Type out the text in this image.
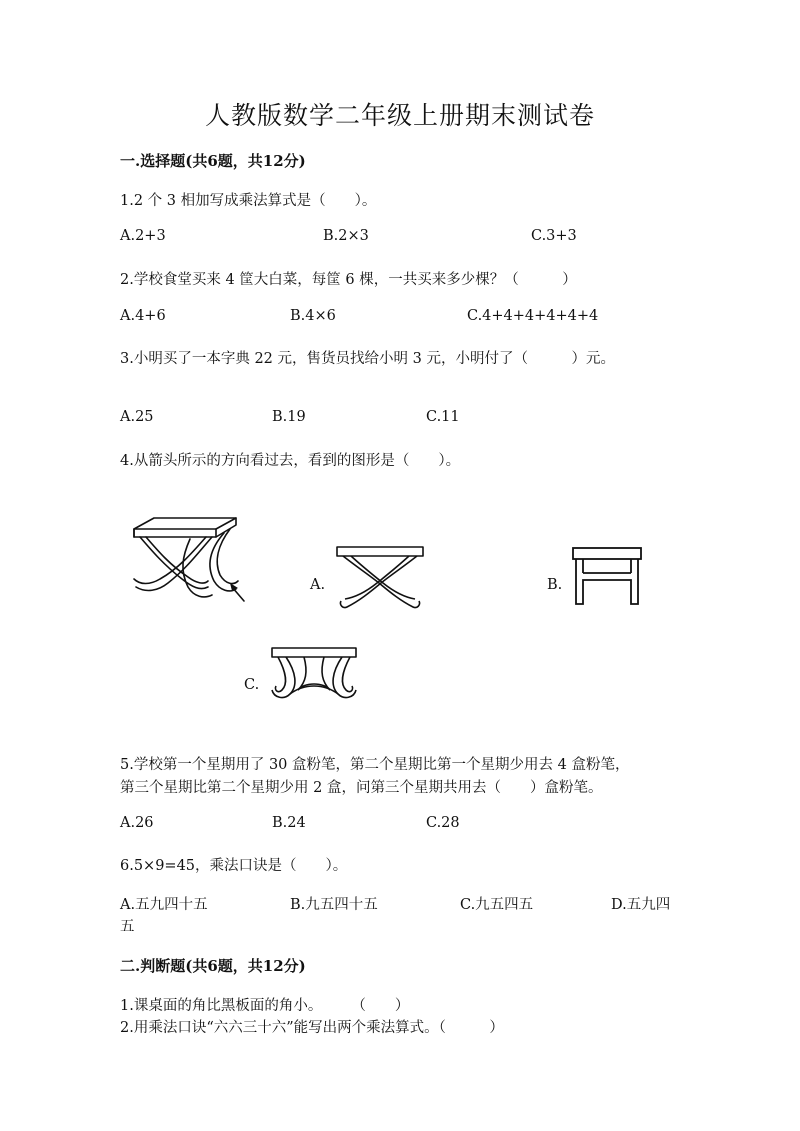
人教版数学二年级上册期末测试卷
一.选择题(共6题，共12分)
1.2 个 3 相加写成乘法算式是（　　）。
A.2+3	B.2×3	C.3+3
2.学校食堂买来 4 筐大白菜，每筐 6 棵，一共买来多少棵？（　　　）
A.4+6	B.4×6	C.4+4+4+4+4+4
3.小明买了一本字典 22 元，售货员找给小明 3 元，小明付了（　　　）元。
A.25	B.19	C.11
4.从箭头所示的方向看过去，看到的图形是（　　）。
A.	B.
C.
5.学校第一个星期用了 30 盒粉笔，第二个星期比第一个星期少用去 4 盒粉笔，
第三个星期比第二个星期少用 2 盒，问第三个星期共用去（　　）盒粉笔。
A.26	B.24	C.28
6.5×9=45，乘法口诀是（　　）。
A.五九四十五	B.九五四十五	C.九五四五	D.五九四
五
二.判断题(共6题，共12分)
1.课桌面的角比黑板面的角小。　　　（　　）
2.用乘法口诀“六六三十六”能写出两个乘法算式。（　　　）
